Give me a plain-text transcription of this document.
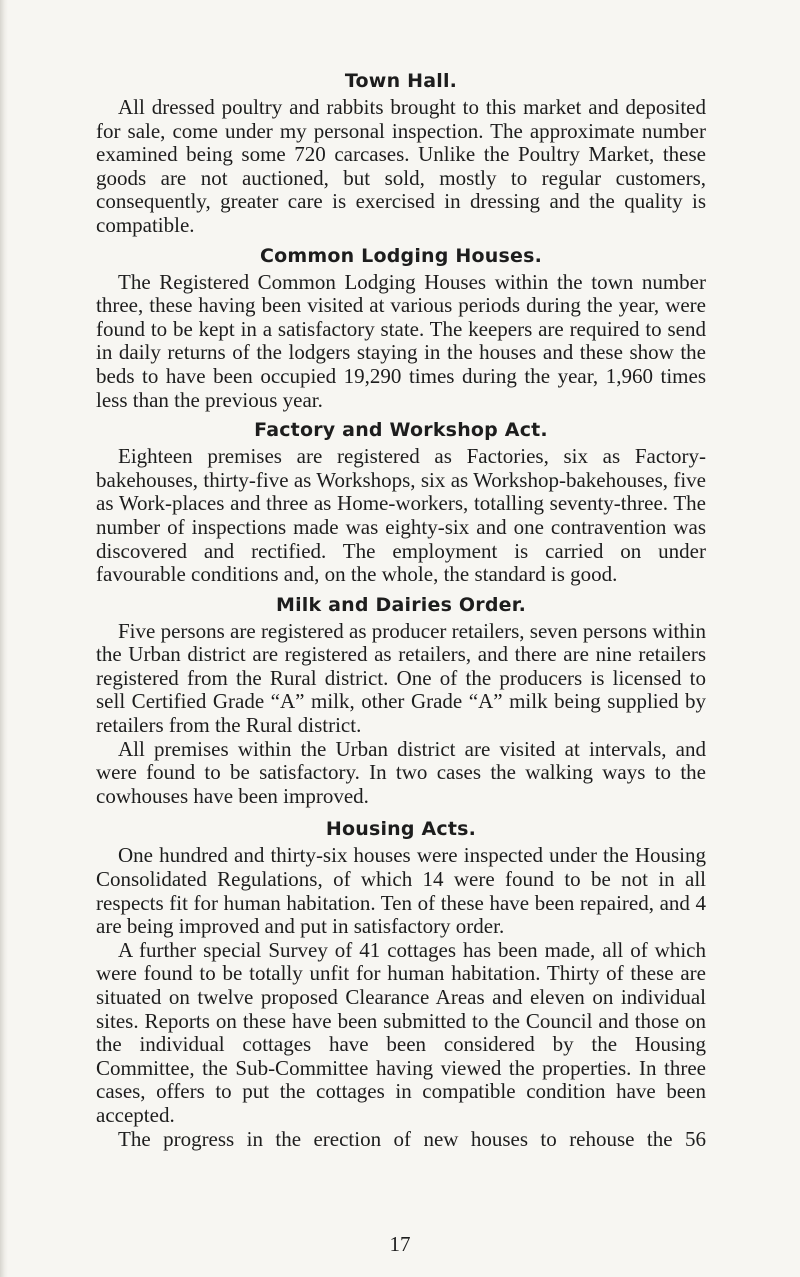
Town Hall.

All dressed poultry and rabbits brought to this market and deposited for sale, come under my personal inspection. The approximate number examined being some 720 carcases. Unlike the Poultry Market, these goods are not auctioned, but sold, mostly to regular customers, consequently, greater care is exercised in dressing and the quality is compatible.

Common Lodging Houses.

The Registered Common Lodging Houses within the town number three, these having been visited at various periods during the year, were found to be kept in a satisfactory state. The keepers are required to send in daily returns of the lodgers staying in the houses and these show the beds to have been occupied 19,290 times during the year, 1,960 times less than the previous year.

Factory and Workshop Act.

Eighteen premises are registered as Factories, six as Factory-bakehouses, thirty-five as Workshops, six as Workshop-bakehouses, five as Work-places and three as Home-workers, totalling seventy-three. The number of inspections made was eighty-six and one contravention was discovered and rectified. The employment is carried on under favourable conditions and, on the whole, the standard is good.

Milk and Dairies Order.

Five persons are registered as producer retailers, seven persons within the Urban district are registered as retailers, and there are nine retailers registered from the Rural district. One of the producers is licensed to sell Certified Grade “A” milk, other Grade “A” milk being supplied by retailers from the Rural district.

All premises within the Urban district are visited at intervals, and were found to be satisfactory. In two cases the walking ways to the cowhouses have been improved.

Housing Acts.

One hundred and thirty-six houses were inspected under the Housing Consolidated Regulations, of which 14 were found to be not in all respects fit for human habitation. Ten of these have been repaired, and 4 are being improved and put in satisfactory order.

A further special Survey of 41 cottages has been made, all of which were found to be totally unfit for human habitation. Thirty of these are situated on twelve proposed Clearance Areas and eleven on individual sites. Reports on these have been submitted to the Council and those on the individual cottages have been considered by the Housing Committee, the Sub-Committee having viewed the properties. In three cases, offers to put the cottages in compatible condition have been accepted.

The progress in the erection of new houses to rehouse the 56

17
